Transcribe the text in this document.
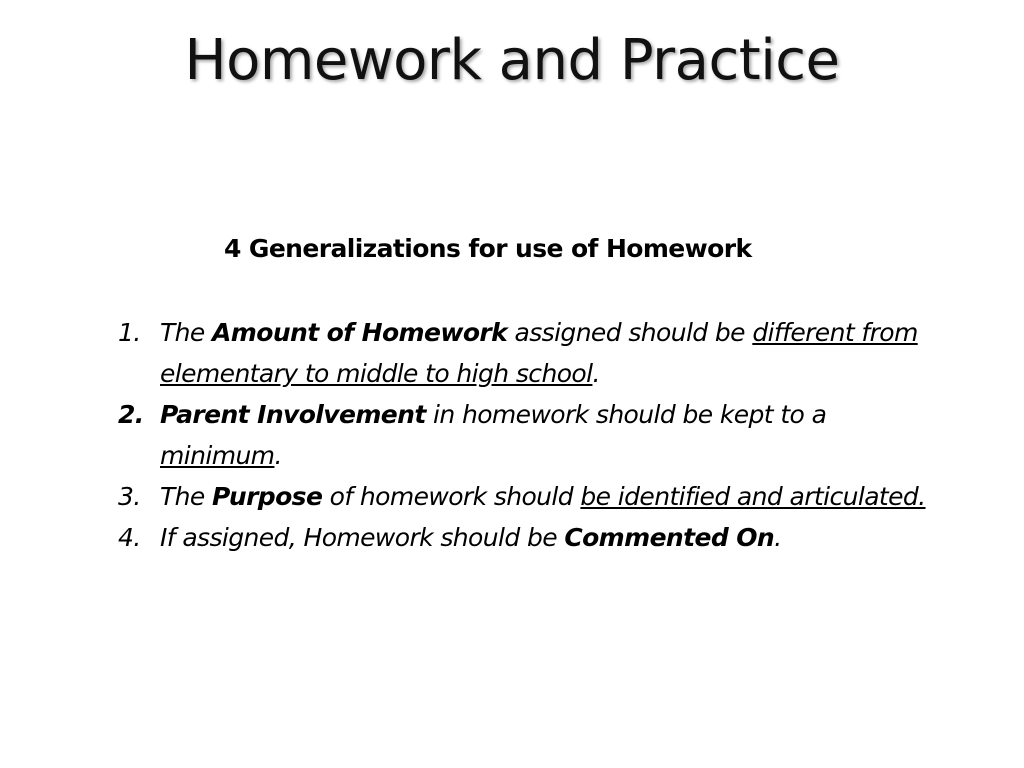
Homework and Practice
4 Generalizations for use of Homework
1. The Amount of Homework assigned should be different from elementary to middle to high school.
2. Parent Involvement in homework should be kept to a minimum.
3. The Purpose of homework should be identified and articulated.
4. If assigned, Homework should be Commented On.
